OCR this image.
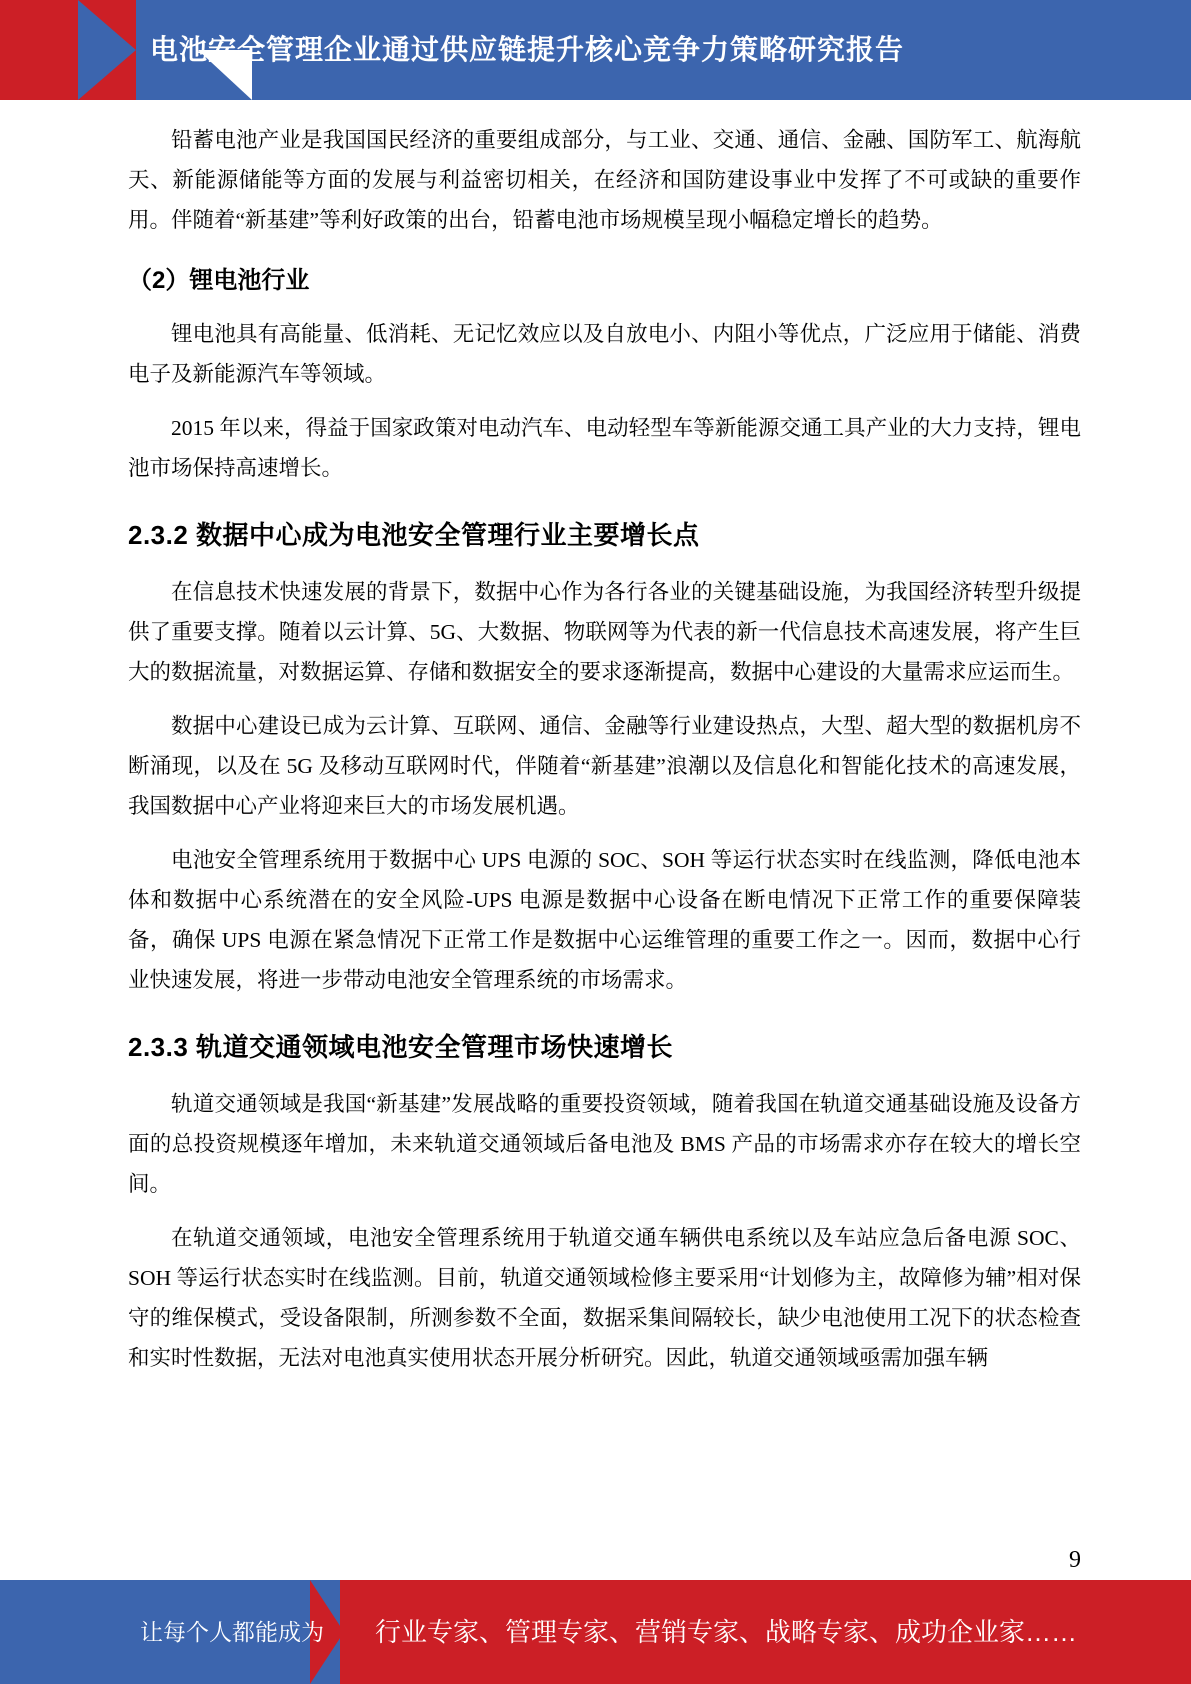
电池安全管理企业通过供应链提升核心竞争力策略研究报告

铅蓄电池产业是我国国民经济的重要组成部分，与工业、交通、通信、金融、国防军工、航海航天、新能源储能等方面的发展与利益密切相关，在经济和国防建设事业中发挥了不可或缺的重要作用。伴随着“新基建”等利好政策的出台，铅蓄电池市场规模呈现小幅稳定增长的趋势。

（2）锂电池行业

锂电池具有高能量、低消耗、无记忆效应以及自放电小、内阻小等优点，广泛应用于储能、消费电子及新能源汽车等领域。

2015 年以来，得益于国家政策对电动汽车、电动轻型车等新能源交通工具产业的大力支持，锂电池市场保持高速增长。

2.3.2 数据中心成为电池安全管理行业主要增长点

在信息技术快速发展的背景下，数据中心作为各行各业的关键基础设施，为我国经济转型升级提供了重要支撑。随着以云计算、5G、大数据、物联网等为代表的新一代信息技术高速发展，将产生巨大的数据流量，对数据运算、存储和数据安全的要求逐渐提高，数据中心建设的大量需求应运而生。

数据中心建设已成为云计算、互联网、通信、金融等行业建设热点，大型、超大型的数据机房不断涌现，以及在 5G 及移动互联网时代，伴随着“新基建”浪潮以及信息化和智能化技术的高速发展，我国数据中心产业将迎来巨大的市场发展机遇。

电池安全管理系统用于数据中心 UPS 电源的 SOC、SOH 等运行状态实时在线监测，降低电池本体和数据中心系统潜在的安全风险-UPS 电源是数据中心设备在断电情况下正常工作的重要保障装备，确保 UPS 电源在紧急情况下正常工作是数据中心运维管理的重要工作之一。因而，数据中心行业快速发展，将进一步带动电池安全管理系统的市场需求。

2.3.3 轨道交通领域电池安全管理市场快速增长

轨道交通领域是我国“新基建”发展战略的重要投资领域，随着我国在轨道交通基础设施及设备方面的总投资规模逐年增加，未来轨道交通领域后备电池及 BMS 产品的市场需求亦存在较大的增长空间。

在轨道交通领域，电池安全管理系统用于轨道交通车辆供电系统以及车站应急后备电源 SOC、SOH 等运行状态实时在线监测。目前，轨道交通领域检修主要采用“计划修为主，故障修为辅”相对保守的维保模式，受设备限制，所测参数不全面，数据采集间隔较长，缺少电池使用工况下的状态检查和实时性数据，无法对电池真实使用状态开展分析研究。因此，轨道交通领域亟需加强车辆

9
让每个人都能成为 行业专家、管理专家、营销专家、战略专家、成功企业家……
